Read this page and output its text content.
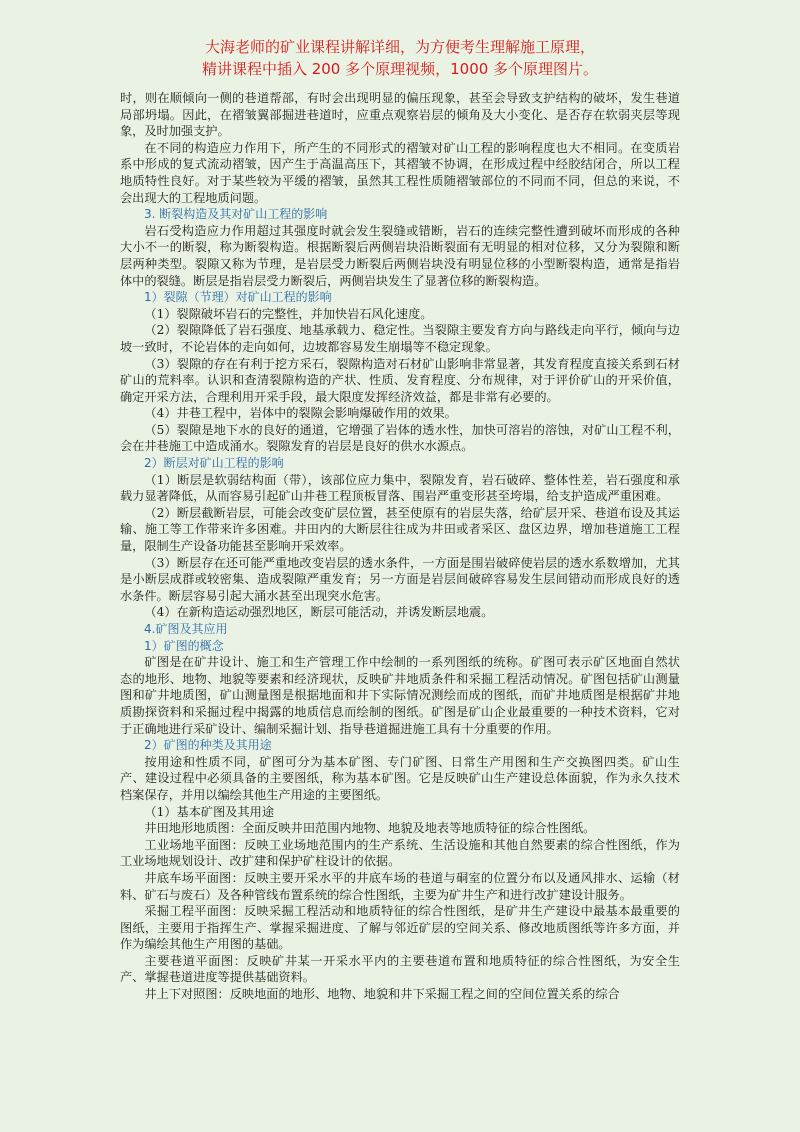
大海老师的矿业课程讲解详细，为方便考生理解施工原理，
精讲课程中插入 200 多个原理视频，1000 多个原理图片。

时，则在顺倾向一侧的巷道帮部，有时会出现明显的偏压现象，甚至会导致支护结构的破坏，发生巷道局部坍塌。因此，在褶皱翼部掘进巷道时，应重点观察岩层的倾角及大小变化、是否存在软弱夹层等现象，及时加强支护。

在不同的构造应力作用下，所产生的不同形式的褶皱对矿山工程的影响程度也大不相同。在变质岩系中形成的复式流动褶皱，因产生于高温高压下，其褶皱不协调，在形成过程中经胶结闭合，所以工程地质特性良好。对于某些较为平缓的褶皱，虽然其工程性质随褶皱部位的不同而不同，但总的来说，不会出现大的工程地质问题。

3. 断裂构造及其对矿山工程的影响

岩石受构造应力作用超过其强度时就会发生裂缝或错断，岩石的连续完整性遭到破坏而形成的各种大小不一的断裂，称为断裂构造。根据断裂后两侧岩块沿断裂面有无明显的相对位移，又分为裂隙和断层两种类型。裂隙又称为节理，是岩层受力断裂后两侧岩块没有明显位移的小型断裂构造，通常是指岩体中的裂缝。断层是指岩层受力断裂后，两侧岩块发生了显著位移的断裂构造。

1）裂隙（节理）对矿山工程的影响

（1）裂隙破坏岩石的完整性，并加快岩石风化速度。

（2）裂隙降低了岩石强度、地基承载力、稳定性。当裂隙主要发育方向与路线走向平行，倾向与边坡一致时，不论岩体的走向如何，边坡都容易发生崩塌等不稳定现象。

（3）裂隙的存在有利于挖方采石，裂隙构造对石材矿山影响非常显著，其发育程度直接关系到石材矿山的荒料率。认识和查清裂隙构造的产状、性质、发育程度、分布规律，对于评价矿山的开采价值，确定开采方法，合理利用开采手段，最大限度发挥经济效益，都是非常有必要的。

（4）井巷工程中，岩体中的裂隙会影响爆破作用的效果。

（5）裂隙是地下水的良好的通道，它增强了岩体的透水性，加快可溶岩的溶蚀，对矿山工程不利，会在井巷施工中造成涌水。裂隙发育的岩层是良好的供水水源点。

2）断层对矿山工程的影响

（1）断层是软弱结构面（带），该部位应力集中，裂隙发育，岩石破碎、整体性差，岩石强度和承载力显著降低，从而容易引起矿山井巷工程顶板冒落、围岩严重变形甚至垮塌，给支护造成严重困难。

（2）断层截断岩层，可能会改变矿层位置，甚至使原有的岩层失落，给矿层开采、巷道布设及其运输、施工等工作带来许多困难。井田内的大断层往往成为井田或者采区、盘区边界，增加巷道施工工程量，限制生产设备功能甚至影响开采效率。

（3）断层存在还可能严重地改变岩层的透水条件，一方面是围岩破碎使岩层的透水系数增加，尤其是小断层成群或较密集、造成裂隙严重发育；另一方面是岩层间破碎容易发生层间错动而形成良好的透水条件。断层容易引起大涌水甚至出现突水危害。

（4）在新构造运动强烈地区，断层可能活动，并诱发断层地震。

4.矿图及其应用

1）矿图的概念

矿图是在矿井设计、施工和生产管理工作中绘制的一系列图纸的统称。矿图可表示矿区地面自然状态的地形、地物、地貌等要素和经济现状，反映矿井地质条件和采掘工程活动情况。矿图包括矿山测量图和矿井地质图，矿山测量图是根据地面和井下实际情况测绘而成的图纸，而矿井地质图是根据矿井地质勘探资料和采掘过程中揭露的地质信息而绘制的图纸。矿图是矿山企业最重要的一种技术资料，它对于正确地进行采矿设计、编制采掘计划、指导巷道掘进施工具有十分重要的作用。

2）矿图的种类及其用途

按用途和性质不同，矿图可分为基本矿图、专门矿图、日常生产用图和生产交换图四类。矿山生产、建设过程中必须具备的主要图纸，称为基本矿图。它是反映矿山生产建设总体面貌，作为永久技术档案保存，并用以编绘其他生产用途的主要图纸。

（1）基本矿图及其用途

井田地形地质图：全面反映井田范围内地物、地貌及地表等地质特征的综合性图纸。

工业场地平面图：反映工业场地范围内的生产系统、生活设施和其他自然要素的综合性图纸，作为工业场地规划设计、改扩建和保护矿柱设计的依据。

井底车场平面图：反映主要开采水平的井底车场的巷道与硐室的位置分布以及通风排水、运输（材料、矿石与废石）及各种管线布置系统的综合性图纸，主要为矿井生产和进行改扩建设计服务。

采掘工程平面图：反映采掘工程活动和地质特征的综合性图纸，是矿井生产建设中最基本最重要的图纸，主要用于指挥生产、掌握采掘进度、了解与邻近矿层的空间关系、修改地质图纸等许多方面，并作为编绘其他生产用图的基础。

主要巷道平面图：反映矿井某一开采水平内的主要巷道布置和地质特征的综合性图纸，为安全生产、掌握巷道进度等提供基础资料。

井上下对照图：反映地面的地形、地物、地貌和井下采掘工程之间的空间位置关系的综合
